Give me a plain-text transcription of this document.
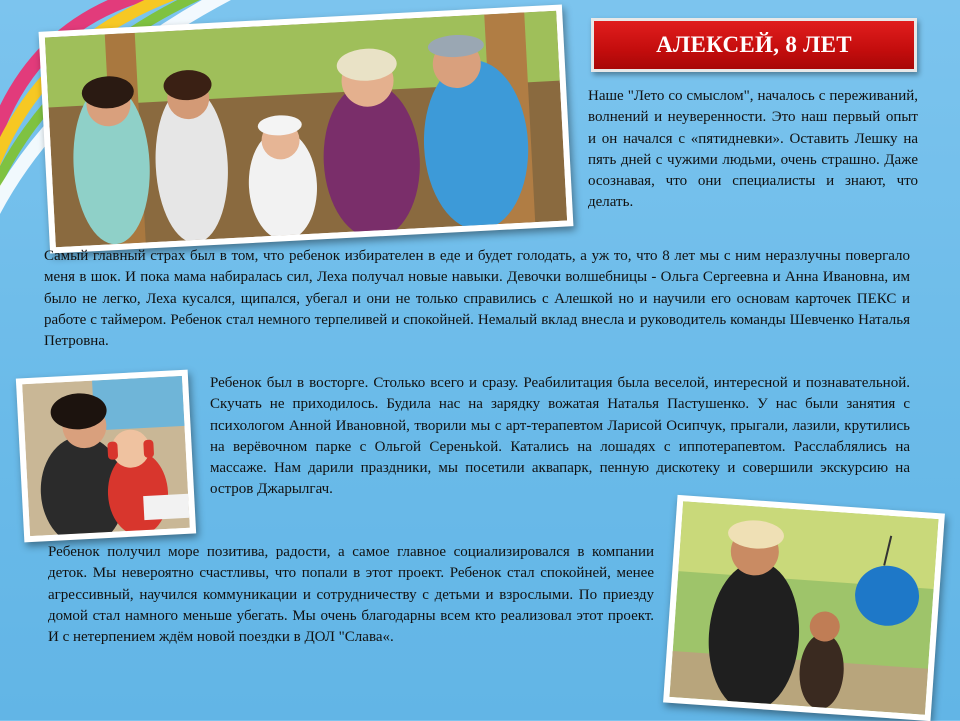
АЛЕКСЕЙ, 8 ЛЕТ

Наше "Лето со смыслом", началось с переживаний, волнений и неуверенности. Это наш первый опыт и он начался с «пятидневки». Оставить Лешку на пять дней с чужими людьми, очень страшно. Даже осознавая, что они специалисты и знают, что делать.

Самый главный страх был в том, что ребенок избирателен в еде и будет голодать, а уж то, что 8 лет мы с ним неразлучны повергало меня в шок. И пока мама набиралась сил, Леха получал новые навыки. Девочки волшебницы - Ольга Сергеевна и Анна Ивановна, им было не легко, Леха кусался, щипался, убегал и они не только справились с Алешкой но и научили его основам карточек ПЕКС и работе с таймером. Ребенок стал немного терпеливей и спокойней. Немалый вклад внесла и руководитель команды Шевченко Наталья Петровна.

Ребенок был в восторге. Столько всего и сразу. Реабилитация была веселой, интересной и познавательной. Скучать не приходилось. Будила нас на зарядку вожатая Наталья Пастушенко. У нас были занятия с психологом Анной Ивановной, творили мы с арт-терапевтом Ларисой Осипчук, прыгали, лазили, крутились на верёвочном парке с Ольгой Сереньkой. Катались на лошадях с иппотерапевтом. Расслаблялись на массаже. Нам дарили праздники, мы посетили аквапарк, пенную дискотеку и совершили экскурсию на остров Джарылгач.

Ребенок получил море позитива, радости, а самое главное социализировался в компании деток. Мы невероятно счастливы, что попали в этот проект. Ребенок стал спокойней, менее агрессивный, научился коммуникации и сотрудничеству с детьми и взрослыми. По приезду домой стал намного меньше убегать. Мы очень благодарны всем кто реализовал этот проект. И с нетерпением ждём новой поездки в ДОЛ "Слава«.
